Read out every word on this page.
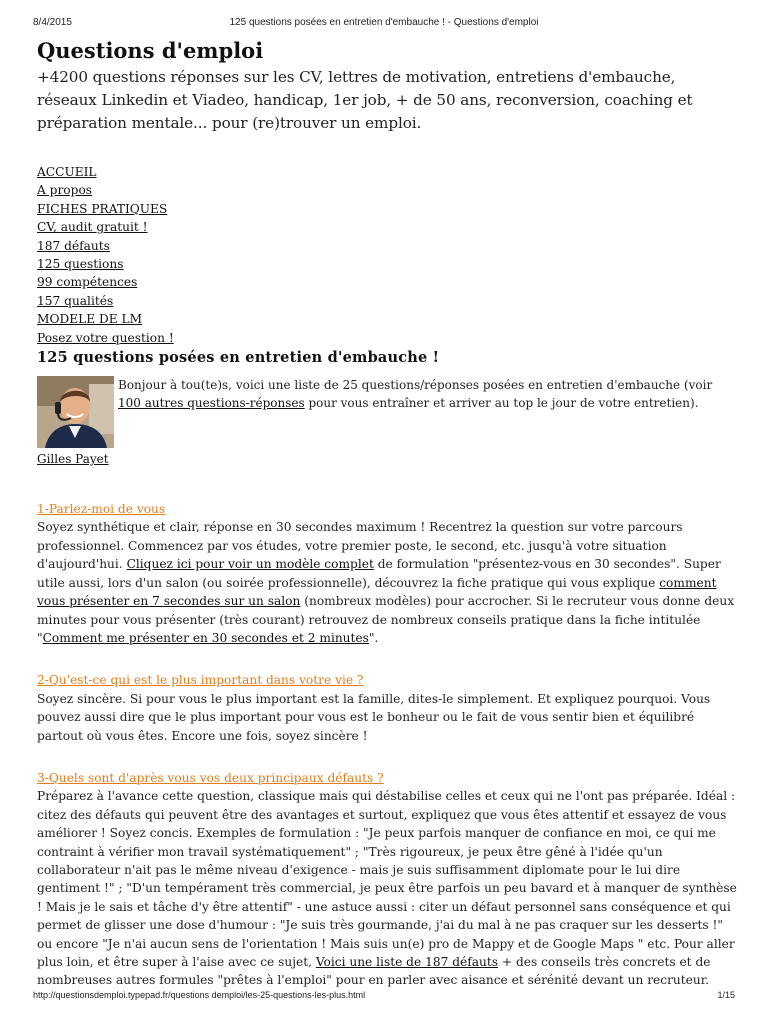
8/4/2015	125 questions posées en entretien d'embauche ! - Questions d'emploi
Questions d'emploi

+4200 questions réponses sur les CV, lettres de motivation, entretiens d'embauche, réseaux Linkedin et Viadeo, handicap, 1er job, + de 50 ans, reconversion, coaching et préparation mentale... pour (re)trouver un emploi.

ACCUEIL
A propos
FICHES PRATIQUES
CV, audit gratuit !
187 défauts
125 questions
99 compétences
157 qualités
MODELE DE LM
Posez votre question !
125 questions posées en entretien d'embauche !
Bonjour à tou(te)s, voici une liste de 25 questions/réponses posées en entretien d'embauche (voir 100 autres questions-réponses pour vous entraîner et arriver au top le jour de votre entretien).
Gilles Payet
1-Parlez-moi de vous

Soyez synthétique et clair, réponse en 30 secondes maximum ! Recentrez la question sur votre parcours professionnel. Commencez par vos études, votre premier poste, le second, etc. jusqu'à votre situation d'aujourd'hui. Cliquez ici pour voir un modèle complet de formulation "présentez-vous en 30 secondes". Super utile aussi, lors d'un salon (ou soirée professionnelle), découvrez la fiche pratique qui vous explique comment vous présenter en 7 secondes sur un salon (nombreux modèles) pour accrocher. Si le recruteur vous donne deux minutes pour vous présenter (très courant) retrouvez de nombreux conseils pratique dans la fiche intitulée "Comment me présenter en 30 secondes et 2 minutes".

2-Qu'est-ce qui est le plus important dans votre vie ?

Soyez sincère. Si pour vous le plus important est la famille, dites-le simplement. Et expliquez pourquoi. Vous pouvez aussi dire que le plus important pour vous est le bonheur ou le fait de vous sentir bien et équilibré partout où vous êtes. Encore une fois, soyez sincère !

3-Quels sont d'après vous vos deux principaux défauts ?

Préparez à l'avance cette question, classique mais qui déstabilise celles et ceux qui ne l'ont pas préparée. Idéal : citez des défauts qui peuvent être des avantages et surtout, expliquez que vous êtes attentif et essayez de vous améliorer ! Soyez concis. Exemples de formulation : "Je peux parfois manquer de confiance en moi, ce qui me contraint à vérifier mon travail systématiquement" ; "Très rigoureux, je peux être gêné à l'idée qu'un collaborateur n'ait pas le même niveau d'exigence - mais je suis suffisamment diplomate pour le lui dire gentiment !" ; "D'un tempérament très commercial, je peux être parfois un peu bavard et à manquer de synthèse ! Mais je le sais et tâche d'y être attentif" - une astuce aussi : citer un défaut personnel sans conséquence et qui permet de glisser une dose d'humour : "Je suis très gourmande, j'ai du mal à ne pas craquer sur les desserts !" ou encore "Je n'ai aucun sens de l'orientation ! Mais suis un(e) pro de Mappy et de Google Maps " etc. Pour aller plus loin, et être super à l'aise avec ce sujet, Voici une liste de 187 défauts + des conseils très concrets et de nombreuses autres formules "prêtes à l'emploi" pour en parler avec aisance et sérénité devant un recruteur.

http://questionsdemploi.typepad.fr/questions demploi/les-25-questions-les-plus.html	1/15
